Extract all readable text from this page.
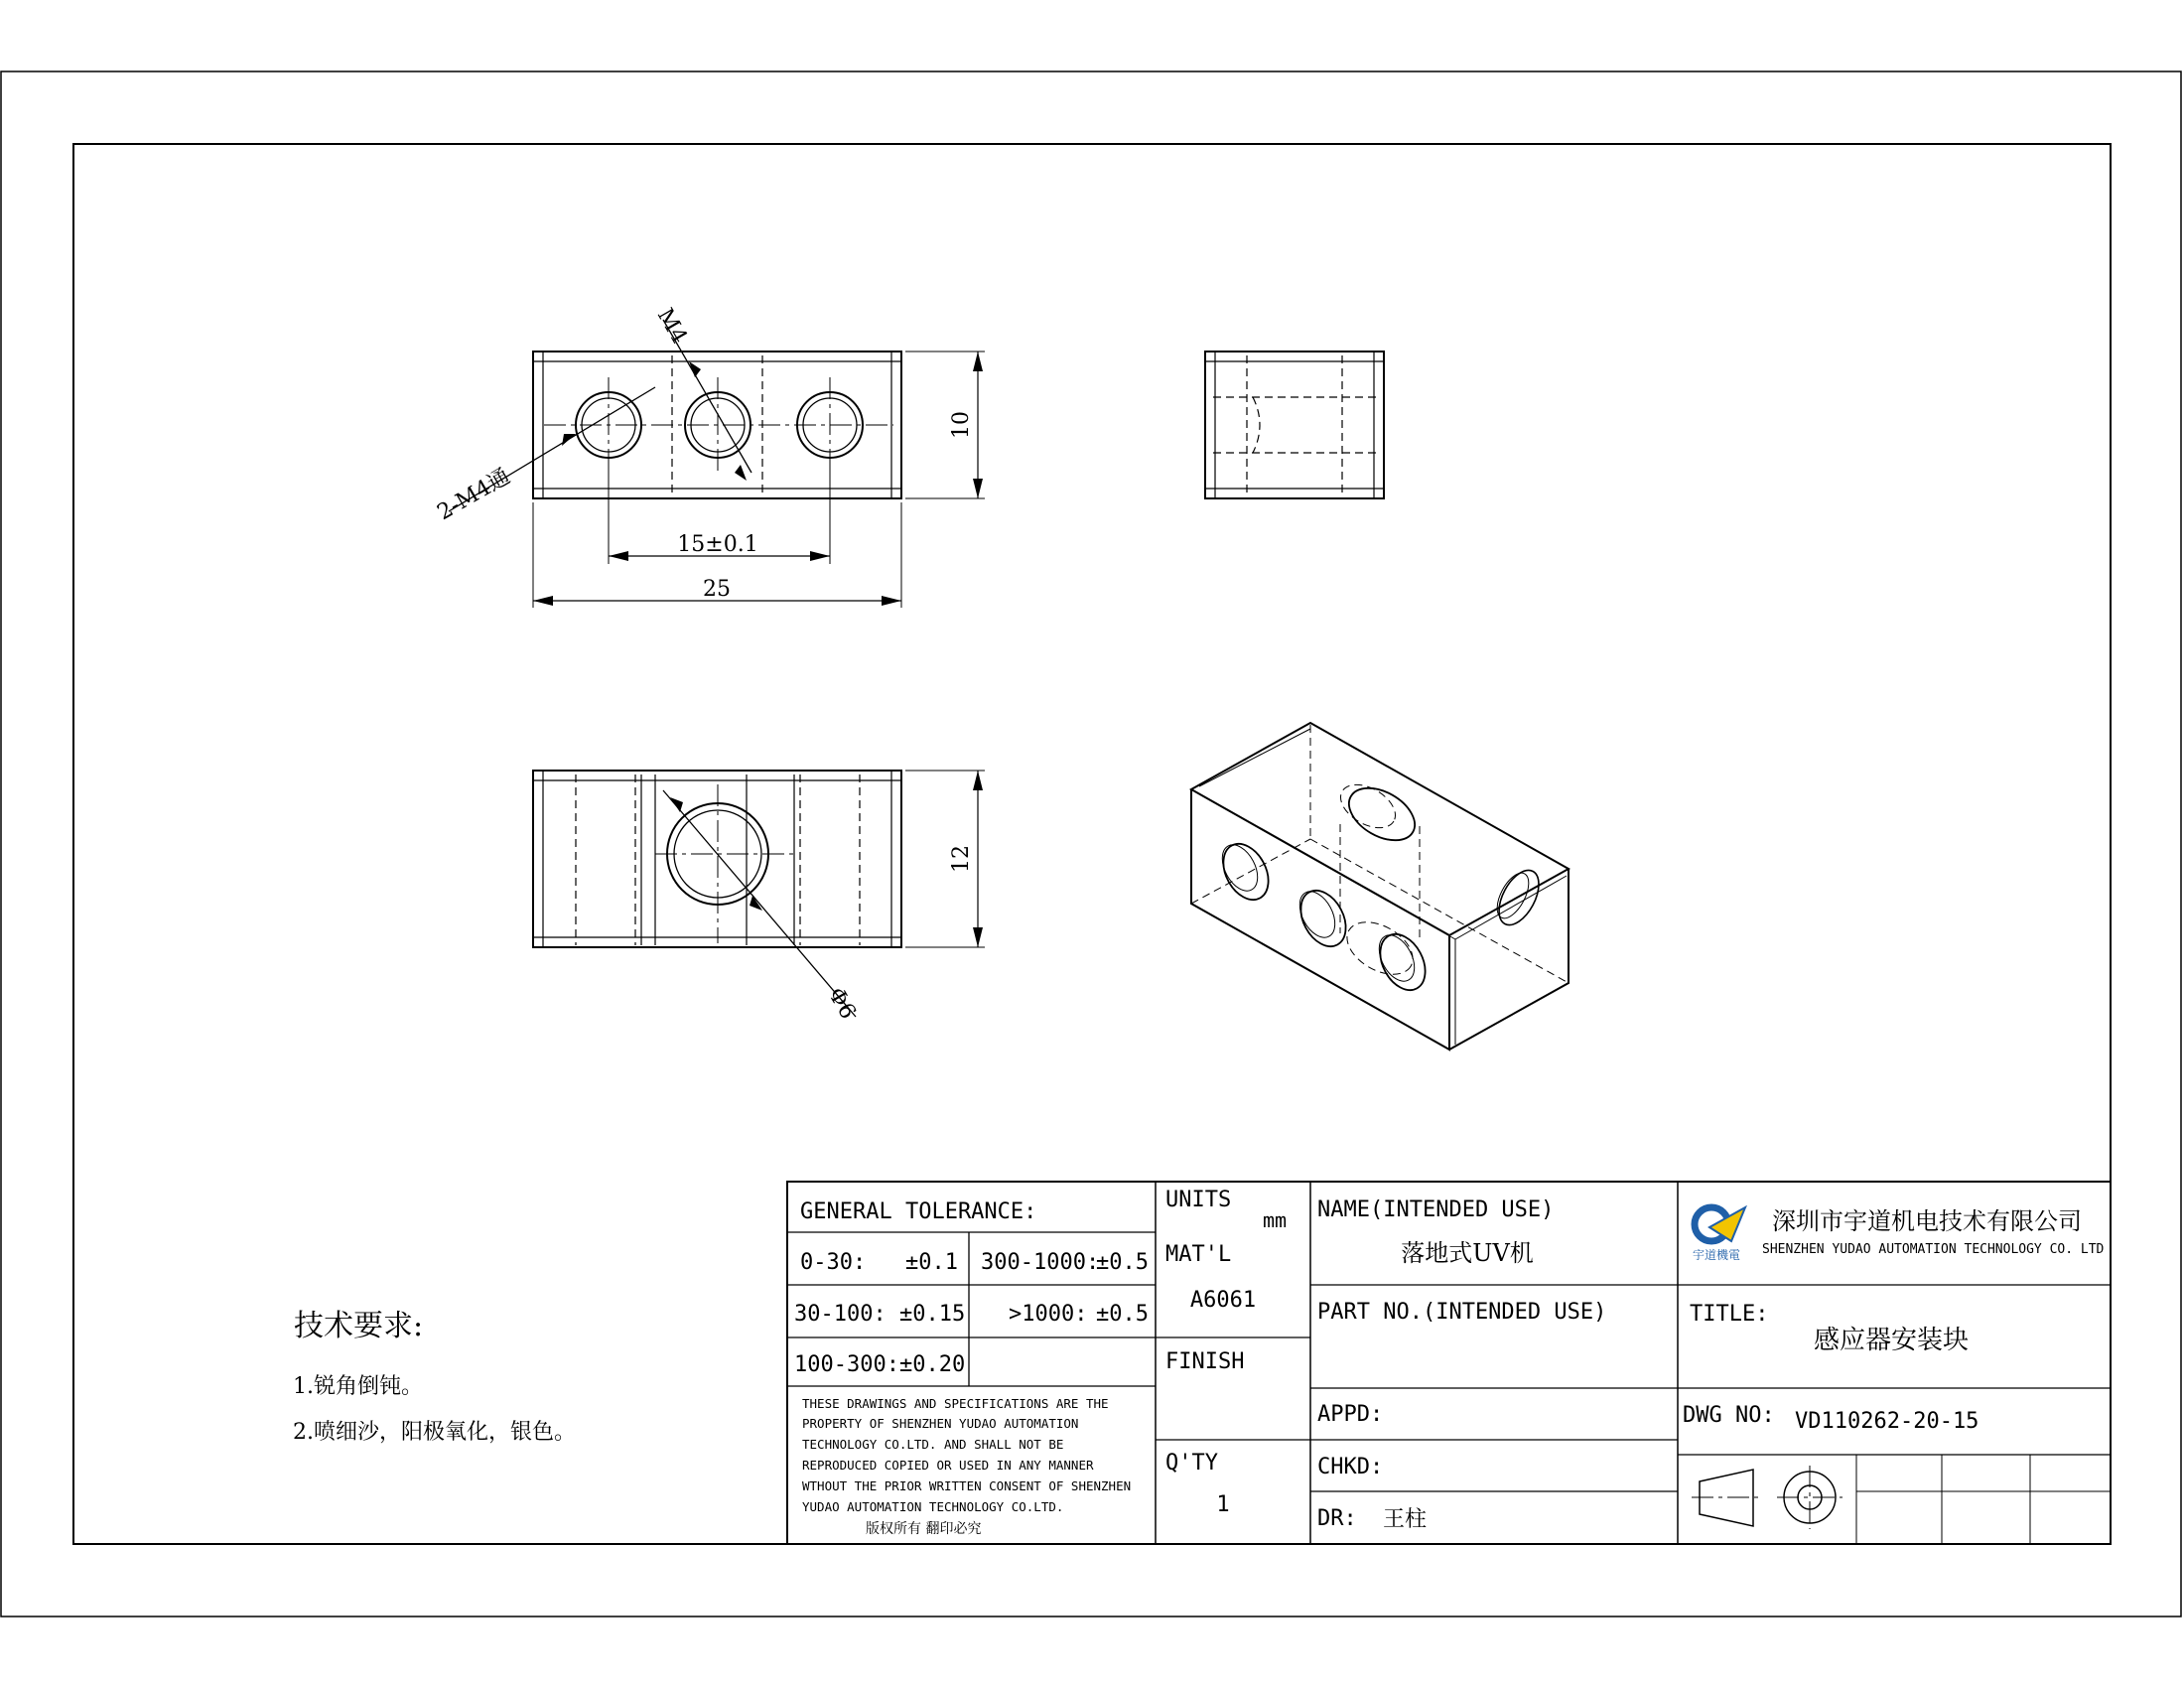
M4
2-M4通
15±0.1
25
10
12
Φ6
技术要求:
1.锐角倒钝。
2.喷细沙，阳极氧化，银色。
宇道機電
GENERAL TOLERANCE:
0-30: ±0.1 300-1000:
±0.5
30-100: ±0.15 >1000: ±0.5
100-300: ±0.20
THESE DRAWINGS AND SPECIFICATIONS ARE THE
PROPERTY OF SHENZHEN YUDAO AUTOMATION
TECHNOLOGY CO.LTD. AND SHALL NOT BE
REPRODUCED COPIED OR USED IN ANY MANNER
WTHOUT THE PRIOR WRITTEN CONSENT OF SHENZHEN
YUDAO AUTOMATION TECHNOLOGY CO.LTD.
版权所有 翻印必究
UNITS
mm
MAT'L
A6061
FINISH
Q'TY
1
NAME(INTENDED USE)
落地式UV机
PART NO.(INTENDED USE)
APPD:
CHKD:
DR: 王柱
深圳市宇道机电技术有限公司
SHENZHEN YUDAO AUTOMATION TECHNOLOGY CO. LTD
TITLE:
感应器安装块
DWG NO: VD110262-20-15
